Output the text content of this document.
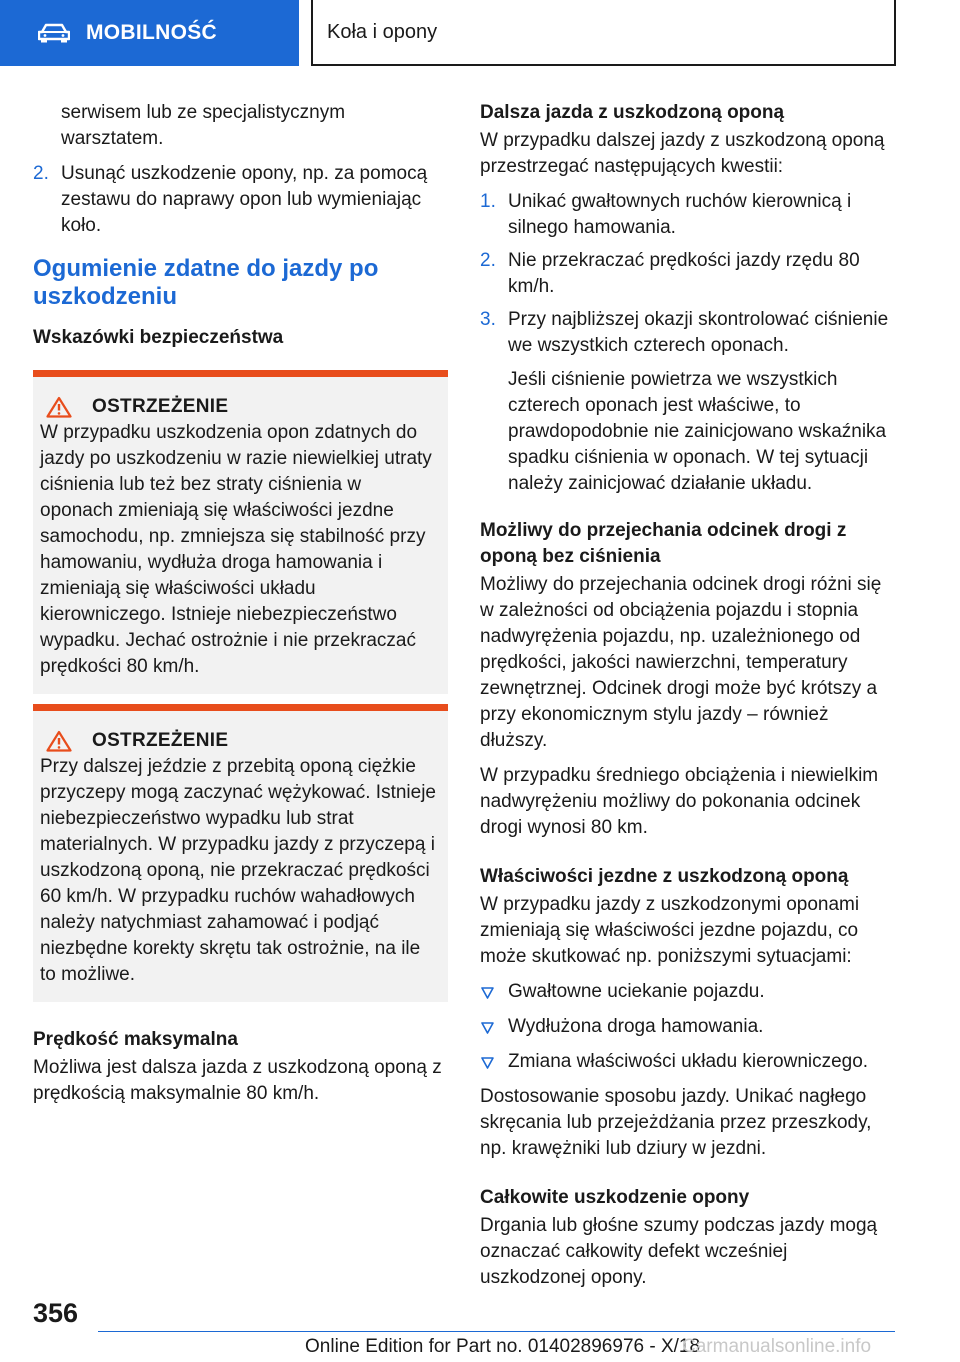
MOBILNOŚĆ	Koła i opony

serwisem lub ze specjalistycznym warsztatem.

2. Usunąć uszkodzenie opony, np. za pomocą zestawu do naprawy opon lub wymieniając koło.
Ogumienie zdatne do jazdy po uszkodzeniu
Wskazówki bezpieczeństwa
OSTRZEŻENIE

W przypadku uszkodzenia opon zdatnych do jazdy po uszkodzeniu w razie niewielkiej utraty ciśnienia lub też bez straty ciśnienia w oponach zmieniają się właściwości jezdne samochodu, np. zmniejsza się stabilność przy hamowaniu, wydłuża droga hamowania i zmieniają się właściwości układu kierowniczego. Istnieje niebezpieczeństwo wypadku. Jechać ostrożnie i nie przekraczać prędkości 80 km/h.

OSTRZEŻENIE

Przy dalszej jeździe z przebitą oponą ciężkie przyczepy mogą zaczynać wężykować. Istnieje niebezpieczeństwo wypadku lub strat materialnych. W przypadku jazdy z przyczepą i uszkodzoną oponą, nie przekraczać prędkości 60 km/h. W przypadku ruchów wahadłowych należy natychmiast zahamować i podjąć niezbędne korekty skrętu tak ostrożnie, na ile to możliwe.

Prędkość maksymalna

Możliwa jest dalsza jazda z uszkodzoną oponą z prędkością maksymalnie 80 km/h.

Dalsza jazda z uszkodzoną oponą

W przypadku dalszej jazdy z uszkodzoną oponą przestrzegać następujących kwestii:

1. Unikać gwałtownych ruchów kierownicą i silnego hamowania.
2. Nie przekraczać prędkości jazdy rzędu 80 km/h.
3. Przy najbliższej okazji skontrolować ciśnienie we wszystkich czterech oponach.

Jeśli ciśnienie powietrza we wszystkich czterech oponach jest właściwe, to prawdopodobnie nie zainicjowano wskaźnika spadku ciśnienia w oponach. W tej sytuacji należy zainicjować działanie układu.

Możliwy do przejechania odcinek drogi z oponą bez ciśnienia

Możliwy do przejechania odcinek drogi różni się w zależności od obciążenia pojazdu i stopnia nadwyrężenia pojazdu, np. uzależnionego od prędkości, jakości nawierzchni, temperatury zewnętrznej. Odcinek drogi może być krótszy a przy ekonomicznym stylu jazdy – również dłuższy.

W przypadku średniego obciążenia i niewielkim nadwyrężeniu możliwy do pokonania odcinek drogi wynosi 80 km.

Właściwości jezdne z uszkodzoną oponą

W przypadku jazdy z uszkodzonymi oponami zmieniają się właściwości jezdne pojazdu, co może skutkować np. poniższymi sytuacjami:

Gwałtowne uciekanie pojazdu.
Wydłużona droga hamowania.
Zmiana właściwości układu kierowniczego.

Dostosowanie sposobu jazdy. Unikać nagłego skręcania lub przejeżdżania przez przeszkody, np. krawężniki lub dziury w jezdni.

Całkowite uszkodzenie opony

Drgania lub głośne szumy podczas jazdy mogą oznaczać całkowity defekt wcześniej uszkodzonej opony.

356
Online Edition for Part no. 01402896976 - X/18
Carmanualsonline.info
